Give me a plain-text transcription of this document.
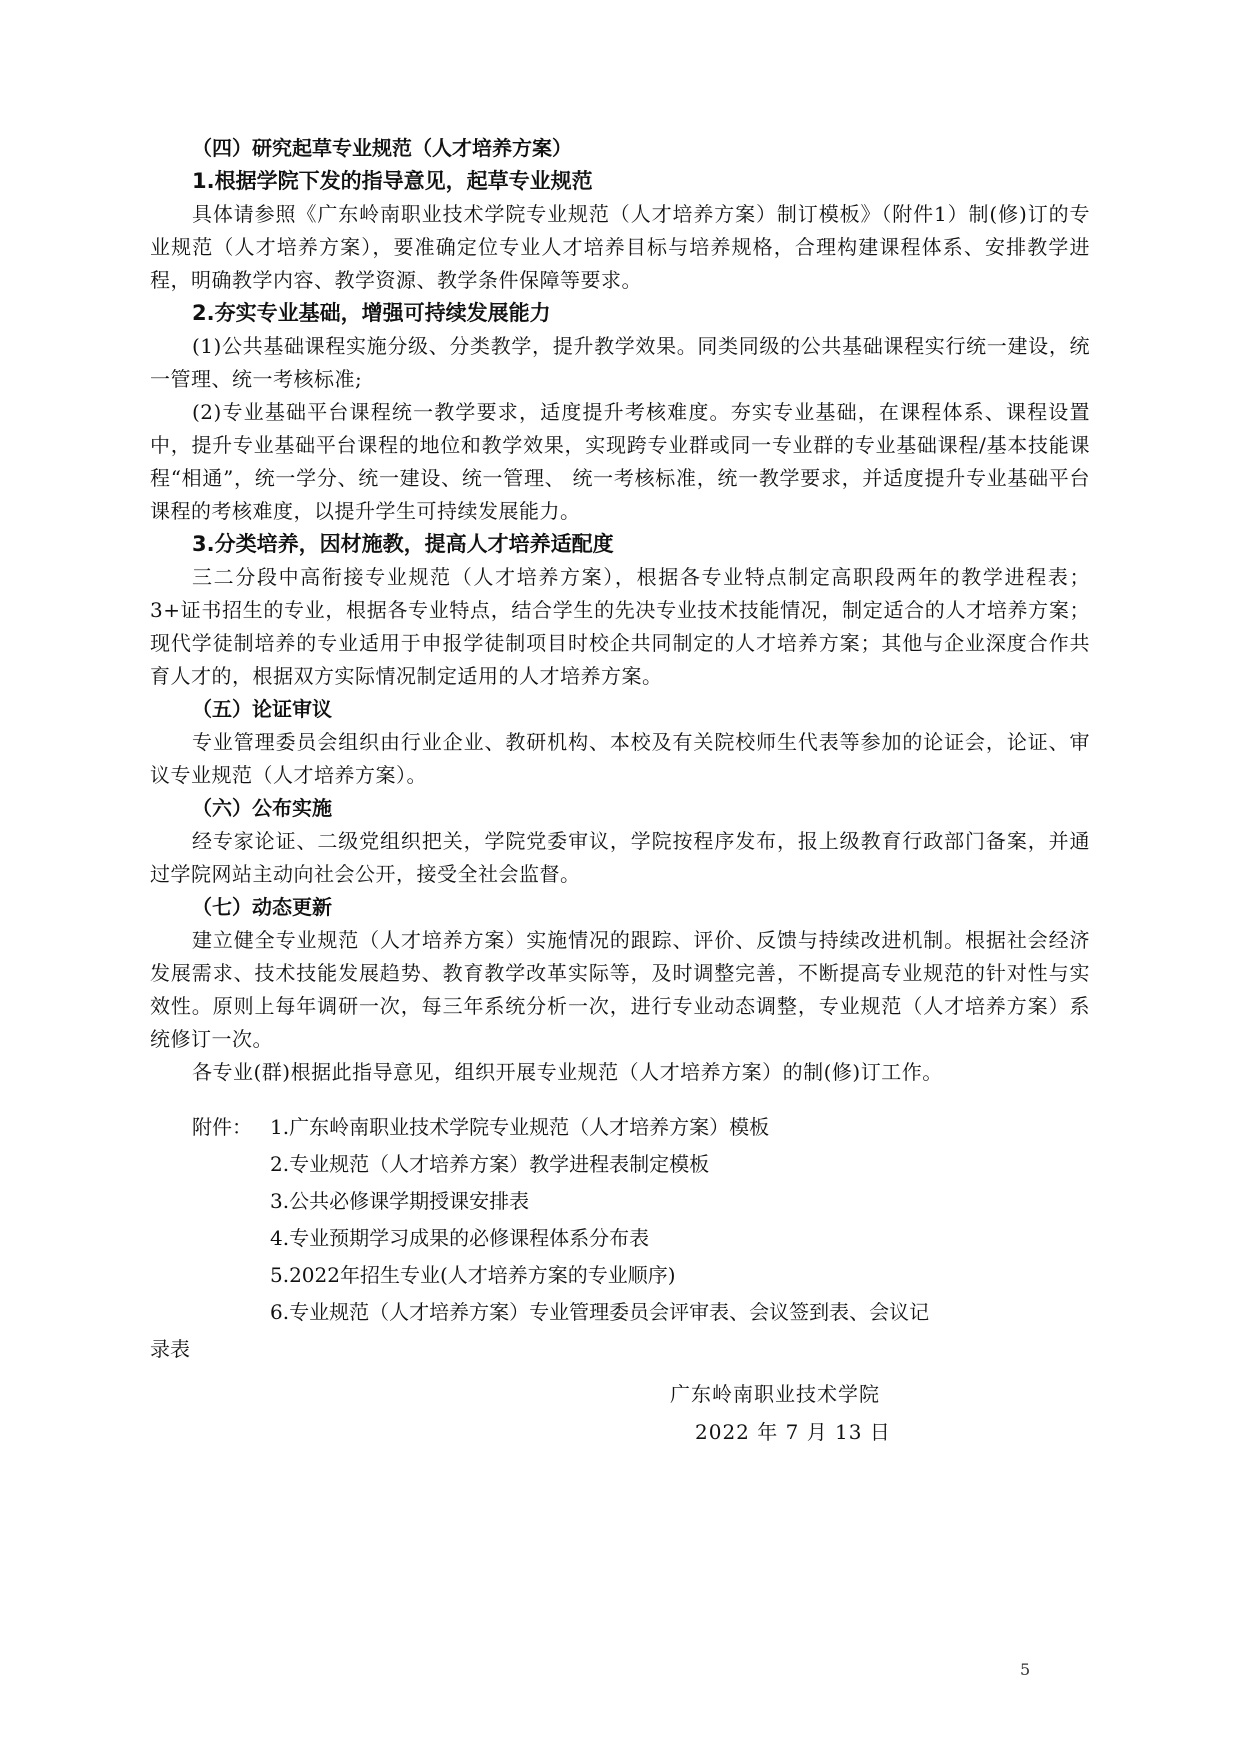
（四）研究起草专业规范（人才培养方案）

1.根据学院下发的指导意见，起草专业规范

具体请参照《广东岭南职业技术学院专业规范（人才培养方案）制订模板》（附件1）制(修)订的专业规范（人才培养方案），要准确定位专业人才培养目标与培养规格，合理构建课程体系、安排教学进程，明确教学内容、教学资源、教学条件保障等要求。

2.夯实专业基础，增强可持续发展能力

(1)公共基础课程实施分级、分类教学，提升教学效果。同类同级的公共基础课程实行统一建设，统一管理、统一考核标准;

(2)专业基础平台课程统一教学要求，适度提升考核难度。夯实专业基础，在课程体系、课程设置中，提升专业基础平台课程的地位和教学效果，实现跨专业群或同一专业群的专业基础课程/基本技能课程“相通”，统一学分、统一建设、统一管理、 统一考核标准，统一教学要求，并适度提升专业基础平台课程的考核难度，以提升学生可持续发展能力。

3.分类培养，因材施教，提高人才培养适配度

三二分段中高衔接专业规范（人才培养方案），根据各专业特点制定高职段两年的教学进程表；3+证书招生的专业，根据各专业特点，结合学生的先决专业技术技能情况，制定适合的人才培养方案；现代学徒制培养的专业适用于申报学徒制项目时校企共同制定的人才培养方案；其他与企业深度合作共育人才的，根据双方实际情况制定适用的人才培养方案。

（五）论证审议

专业管理委员会组织由行业企业、教研机构、本校及有关院校师生代表等参加的论证会，论证、审议专业规范（人才培养方案）。

（六）公布实施

经专家论证、二级党组织把关，学院党委审议，学院按程序发布，报上级教育行政部门备案，并通过学院网站主动向社会公开，接受全社会监督。

（七）动态更新

建立健全专业规范（人才培养方案）实施情况的跟踪、评价、反馈与持续改进机制。根据社会经济发展需求、技术技能发展趋势、教育教学改革实际等，及时调整完善，不断提高专业规范的针对性与实效性。原则上每年调研一次，每三年系统分析一次，进行专业动态调整，专业规范（人才培养方案）系统修订一次。

各专业(群)根据此指导意见，组织开展专业规范（人才培养方案）的制(修)订工作。

附件： 1.广东岭南职业技术学院专业规范（人才培养方案）模板
2.专业规范（人才培养方案）教学进程表制定模板
3.公共必修课学期授课安排表
4.专业预期学习成果的必修课程体系分布表
5.2022年招生专业(人才培养方案的专业顺序)
6.专业规范（人才培养方案）专业管理委员会评审表、会议签到表、会议记

录表

广东岭南职业技术学院
2022 年 7 月 13 日
5
